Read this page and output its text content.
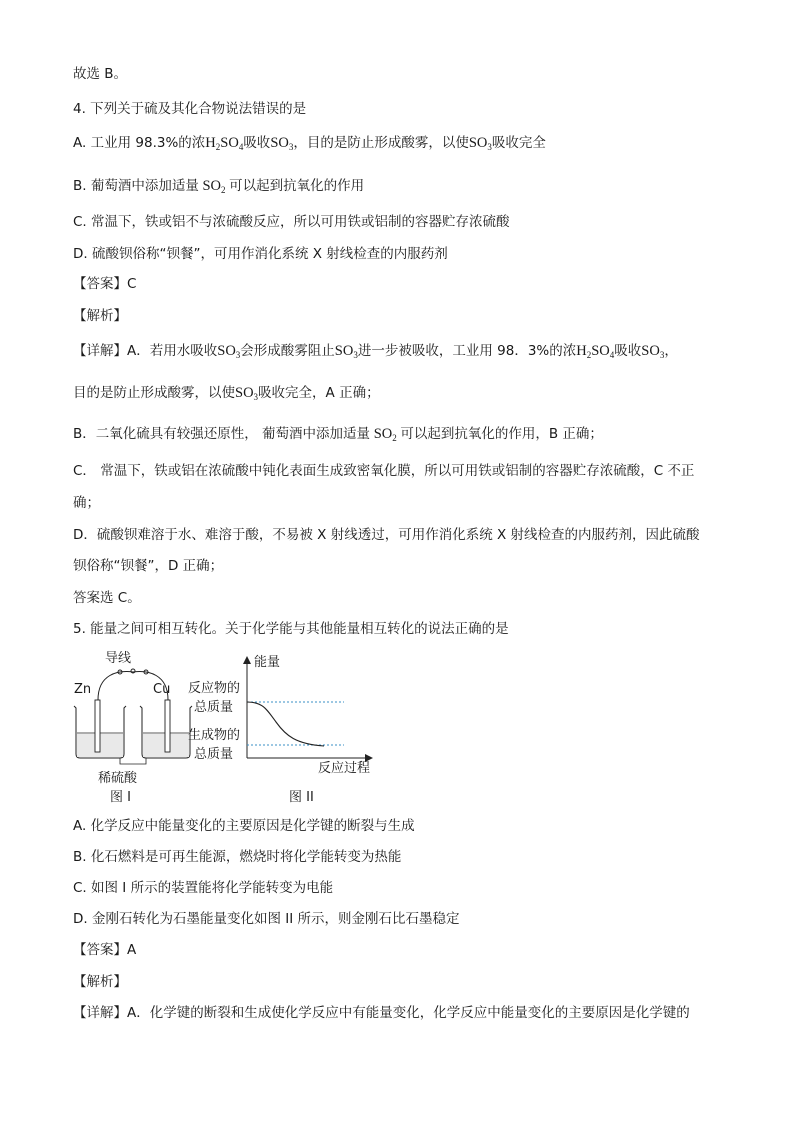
故选 B。
4. 下列关于硫及其化合物说法错误的是
A. 工业用 98.3%的浓$H_2SO_4$吸收$SO_3$，目的是防止形成酸雾，以使$SO_3$吸收完全
B. 葡萄酒中添加适量 $SO_2$ 可以起到抗氧化的作用
C. 常温下，铁或铝不与浓硫酸反应，所以可用铁或铝制的容器贮存浓硫酸
D. 硫酸钡俗称“钡餐”，可用作消化系统 X 射线检查的内服药剂
【答案】C
【解析】
【详解】A．若用水吸收$SO_3$会形成酸雾阻止$SO_3$进一步被吸收，工业用 98．3%的浓$H_2SO_4$吸收$SO_3$，
目的是防止形成酸雾，以使$SO_3$吸收完全，A 正确；
B．二氧化硫具有较强还原性， 葡萄酒中添加适量 $SO_2$ 可以起到抗氧化的作用，B 正确；
C． 常温下，铁或铝在浓硫酸中钝化表面生成致密氧化膜，所以可用铁或铝制的容器贮存浓硫酸，C 不正
确；
D．硫酸钡难溶于水、难溶于酸，不易被 X 射线透过，可用作消化系统 X 射线检查的内服药剂，因此硫酸
钡俗称“钡餐”，D 正确；
答案选 C。
5. 能量之间可相互转化。关于化学能与其他能量相互转化的说法正确的是
导线
Zn	Cu
稀硫酸
图 I
能量
反应物的
总质量
生成物的
总质量
反应过程
图 II
A. 化学反应中能量变化的主要原因是化学键的断裂与生成
B. 化石燃料是可再生能源，燃烧时将化学能转变为热能
C. 如图 I 所示的装置能将化学能转变为电能
D. 金刚石转化为石墨能量变化如图 II 所示，则金刚石比石墨稳定
【答案】A
【解析】
【详解】A．化学键的断裂和生成使化学反应中有能量变化，化学反应中能量变化的主要原因是化学键的
